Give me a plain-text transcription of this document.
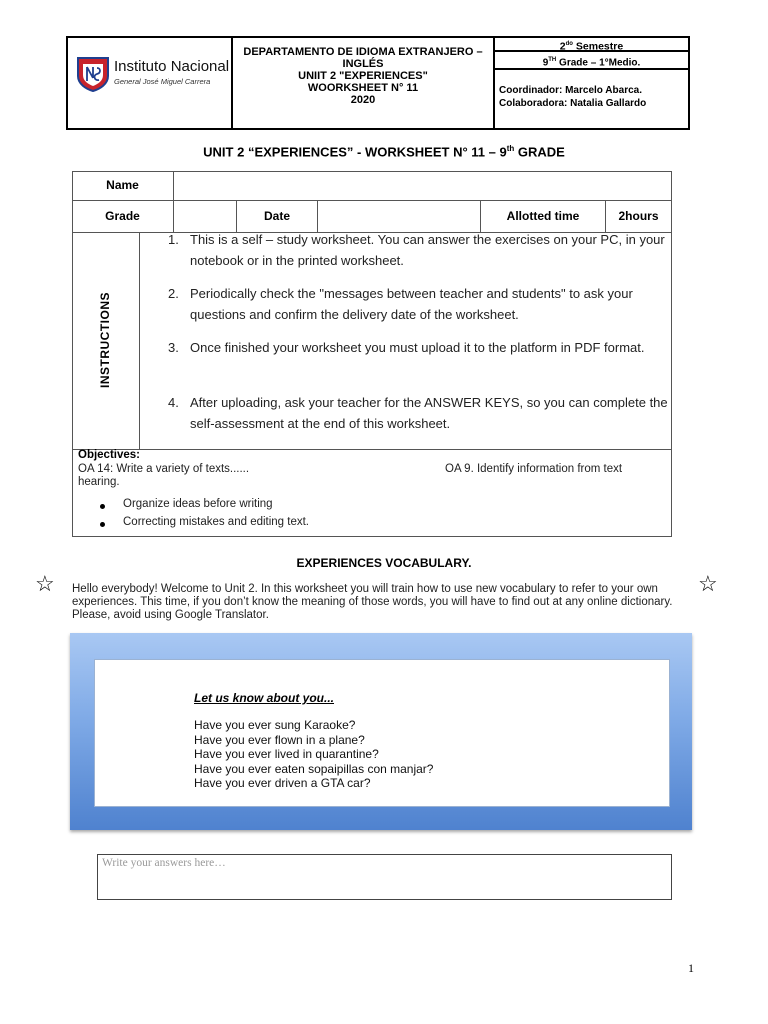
Instituto Nacional
General José Miguel Carrera
DEPARTAMENTO DE IDIOMA EXTRANJERO –
INGLÉS
UNIIT 2 "EXPERIENCES"
WOORKSHEET N° 11
2020
$2^{do}$ Semestre
9TH Grade – 1°Medio.
Coordinador: Marcelo Abarca.
Colaboradora: Natalia Gallardo
UNIT 2 “EXPERIENCES” - WORKSHEET N° 11 – 9th GRADE
Name
Grade	Date	Allotted time	2hours
INSTRUCTIONS
1. This is a self – study worksheet. You can answer the exercises on your PC, in your notebook or in the printed worksheet.
2. Periodically check the "messages between teacher and students" to ask your questions and confirm the delivery date of the worksheet.
3. Once finished your worksheet you must upload it to the platform in PDF format.
4. After uploading, ask your teacher for the ANSWER KEYS, so you can complete the self-assessment at the end of this worksheet.
Objectives:
OA 14: Write a variety of texts......	OA 9. Identify information from text
hearing.
Organize ideas before writing
Correcting mistakes and editing text.
EXPERIENCES VOCABULARY.
☆	☆
Hello everybody! Welcome to Unit 2. In this worksheet you will train how to use new vocabulary to refer to your own experiences. This time, if you don’t know the meaning of those words, you will have to find out at any online dictionary. Please, avoid using Google Translator.
Let us know about you...
Have you ever sung Karaoke?
Have you ever flown in a plane?
Have you ever lived in quarantine?
Have you ever eaten sopaipillas con manjar?
Have you ever driven a GTA car?
Write your answers here…
1
